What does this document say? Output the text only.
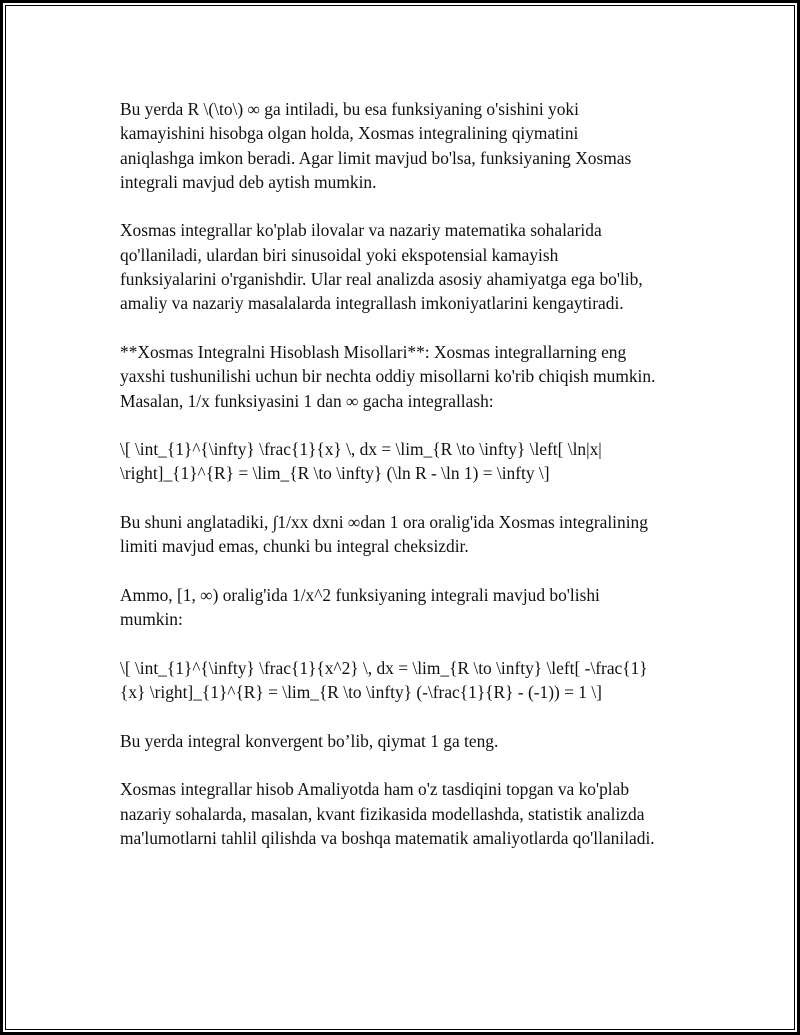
Bu yerda R \(\to\) ∞ ga intiladi, bu esa funksiyaning o'sishini yoki
kamayishini hisobga olgan holda, Xosmas integralining qiymatini
aniqlashga imkon beradi. Agar limit mavjud bo'lsa, funksiyaning Xosmas
integrali mavjud deb aytish mumkin.

Xosmas integrallar ko'plab ilovalar va nazariy matematika sohalarida
qo'llaniladi, ulardan biri sinusoidal yoki ekspotensial kamayish
funksiyalarini o'rganishdir. Ular real analizda asosiy ahamiyatga ega bo'lib,
amaliy va nazariy masalalarda integrallash imkoniyatlarini kengaytiradi.

**Xosmas Integralni Hisoblash Misollari**: Xosmas integrallarning eng
yaxshi tushunilishi uchun bir nechta oddiy misollarni ko'rib chiqish mumkin.
Masalan, 1/x funksiyasini 1 dan ∞ gacha integrallash:

\[ \int_{1}^{\infty} \frac{1}{x} \, dx = \lim_{R \to \infty} \left[ \ln|x|
\right]_{1}^{R} = \lim_{R \to \infty} (\ln R - \ln 1) = \infty \]

Bu shuni anglatadiki, ∫1/xx dxni ∞dan 1 ora oralig'ida Xosmas integralining
limiti mavjud emas, chunki bu integral cheksizdir.

Ammo, [1, ∞) oralig'ida 1/x^2 funksiyaning integrali mavjud bo'lishi
mumkin:

\[ \int_{1}^{\infty} \frac{1}{x^2} \, dx = \lim_{R \to \infty} \left[ -\frac{1}
{x} \right]_{1}^{R} = \lim_{R \to \infty} (-\frac{1}{R} - (-1)) = 1 \]

Bu yerda integral konvergent bo’lib, qiymat 1 ga teng.

Xosmas integrallar hisob Amaliyotda ham o'z tasdiqini topgan va ko'plab
nazariy sohalarda, masalan, kvant fizikasida modellashda, statistik analizda
ma'lumotlarni tahlil qilishda va boshqa matematik amaliyotlarda qo'llaniladi.
